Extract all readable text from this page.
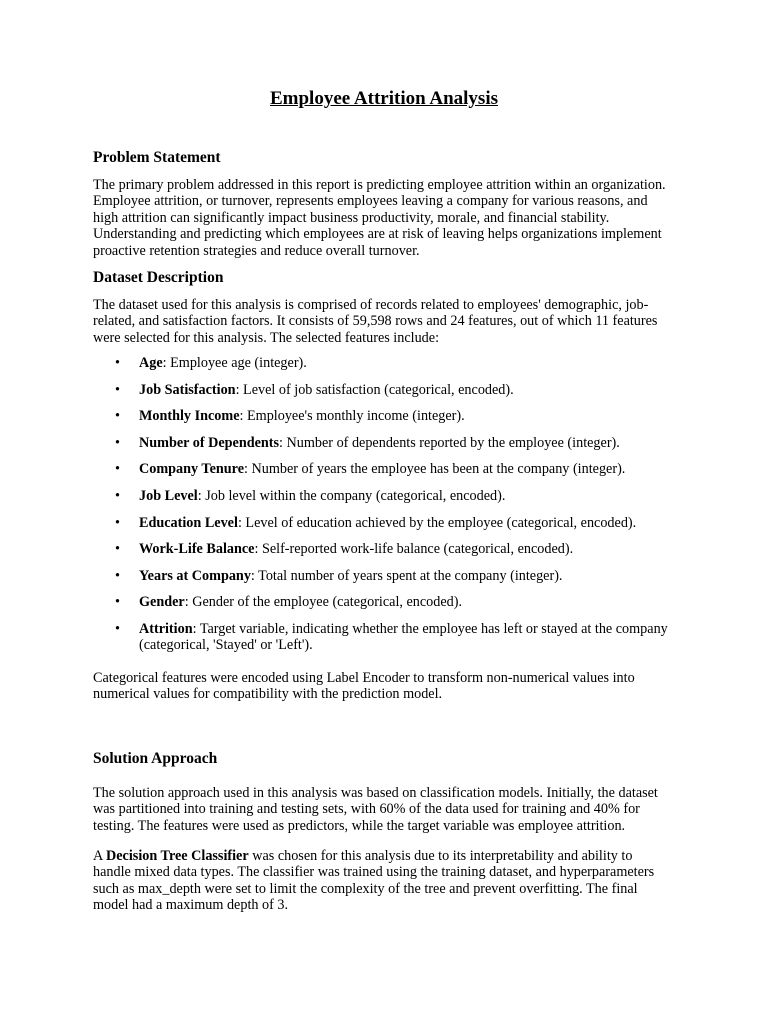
Employee Attrition Analysis
Problem Statement

The primary problem addressed in this report is predicting employee attrition within an organization. Employee attrition, or turnover, represents employees leaving a company for various reasons, and high attrition can significantly impact business productivity, morale, and financial stability. Understanding and predicting which employees are at risk of leaving helps organizations implement proactive retention strategies and reduce overall turnover.

Dataset Description

The dataset used for this analysis is comprised of records related to employees' demographic, job-related, and satisfaction factors. It consists of 59,598 rows and 24 features, out of which 11 features were selected for this analysis. The selected features include:

• Age: Employee age (integer).
• Job Satisfaction: Level of job satisfaction (categorical, encoded).
• Monthly Income: Employee's monthly income (integer).
• Number of Dependents: Number of dependents reported by the employee (integer).
• Company Tenure: Number of years the employee has been at the company (integer).
• Job Level: Job level within the company (categorical, encoded).
• Education Level: Level of education achieved by the employee (categorical, encoded).
• Work-Life Balance: Self-reported work-life balance (categorical, encoded).
• Years at Company: Total number of years spent at the company (integer).
• Gender: Gender of the employee (categorical, encoded).
• Attrition: Target variable, indicating whether the employee has left or stayed at the company (categorical, 'Stayed' or 'Left').

Categorical features were encoded using Label Encoder to transform non-numerical values into numerical values for compatibility with the prediction model.

Solution Approach

The solution approach used in this analysis was based on classification models. Initially, the dataset was partitioned into training and testing sets, with 60% of the data used for training and 40% for testing. The features were used as predictors, while the target variable was employee attrition.

A Decision Tree Classifier was chosen for this analysis due to its interpretability and ability to handle mixed data types. The classifier was trained using the training dataset, and hyperparameters such as max_depth were set to limit the complexity of the tree and prevent overfitting. The final model had a maximum depth of 3.
